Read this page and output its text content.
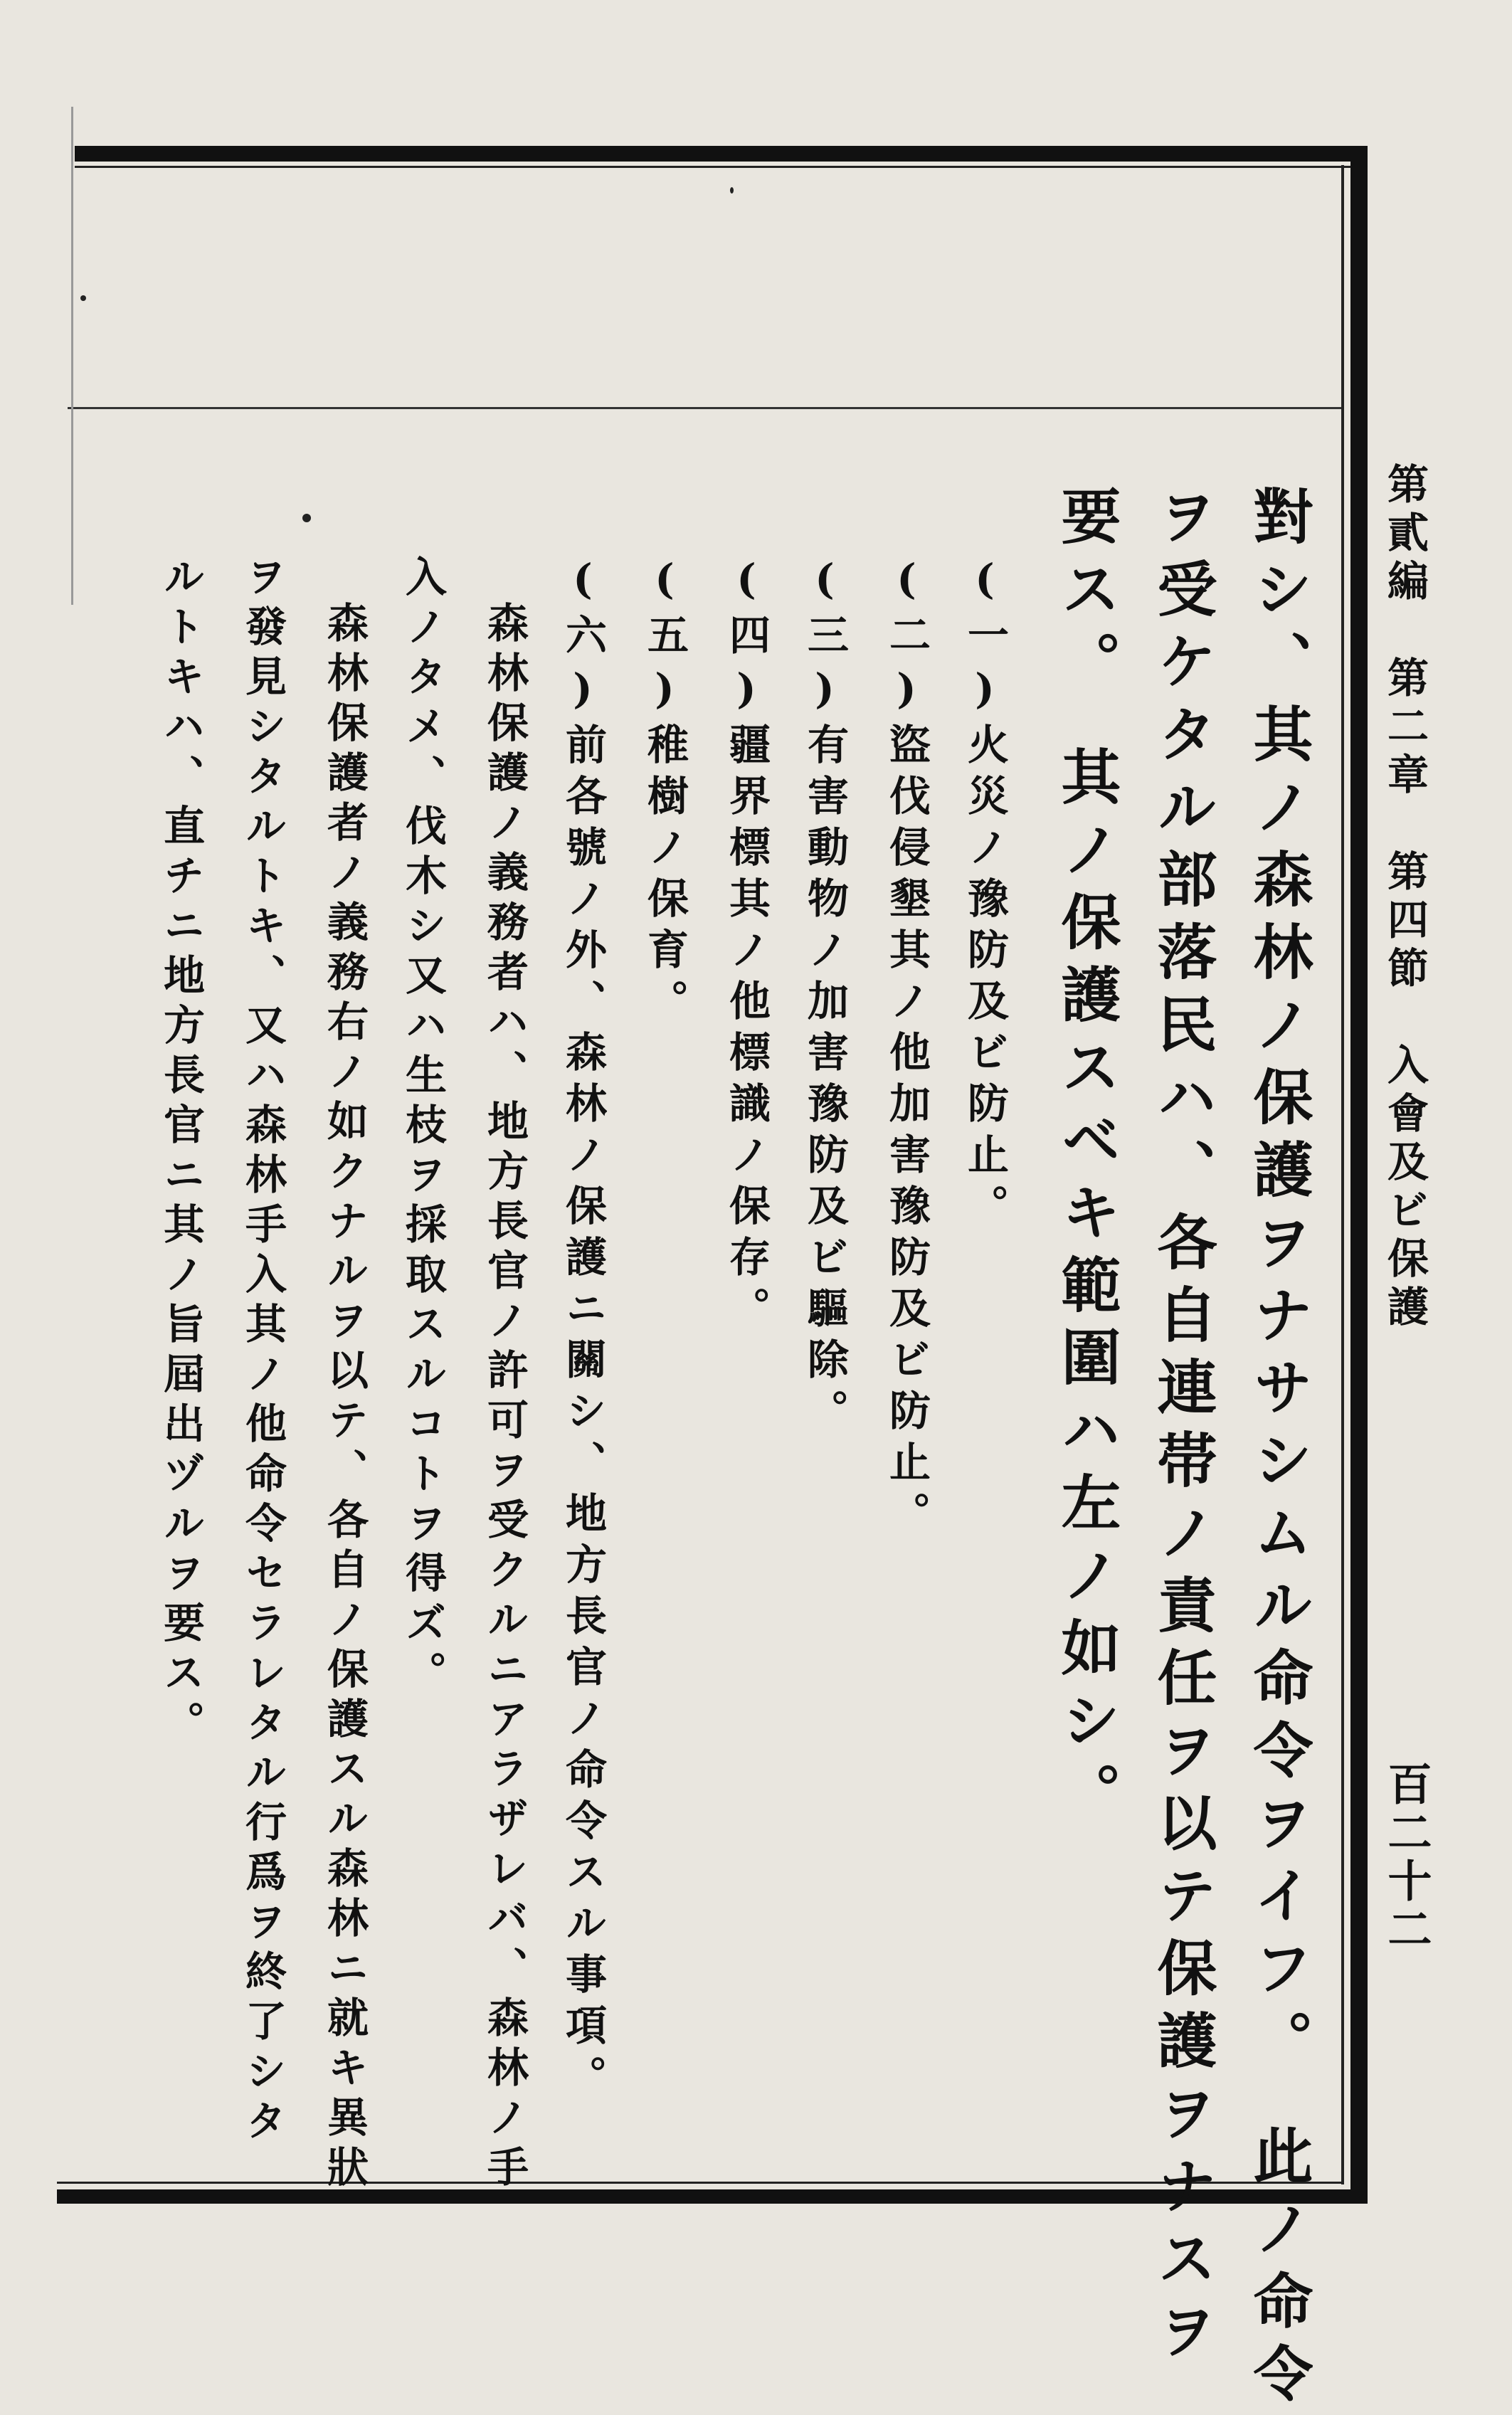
第貳編　第二章　第四節　入會及ビ保護
百二十二
對シ、其ノ森林ノ保護ヲナサシムル命令ヲイフ。　此ノ命令
ヲ受ケタル部落民ハ、各自連帯ノ責任ヲ以テ保護ヲナスヲ
要ス。　其ノ保護スベキ範圍ハ左ノ如シ。
(一)火災ノ豫防及ビ防止。
(二)盜伐侵墾其ノ他加害豫防及ビ防止。
(三)有害動物ノ加害豫防及ビ驅除。
(四)疆界標其ノ他標識ノ保存。
(五)稚樹ノ保育。
(六)前各號ノ外、森林ノ保護ニ關シ、地方長官ノ命令スル事項。
森林保護ノ義務者ハ、地方長官ノ許可ヲ受クルニアラザレバ、森林ノ手
入ノタメ、伐木シ又ハ生枝ヲ採取スルコトヲ得ズ。
森林保護者ノ義務右ノ如クナルヲ以テ、各自ノ保護スル森林ニ就キ異狀
ヲ發見シタルトキ、又ハ森林手入其ノ他命令セラレタル行爲ヲ終了シタ
ルトキハ、直チニ地方長官ニ其ノ旨屆出ヅルヲ要ス。
